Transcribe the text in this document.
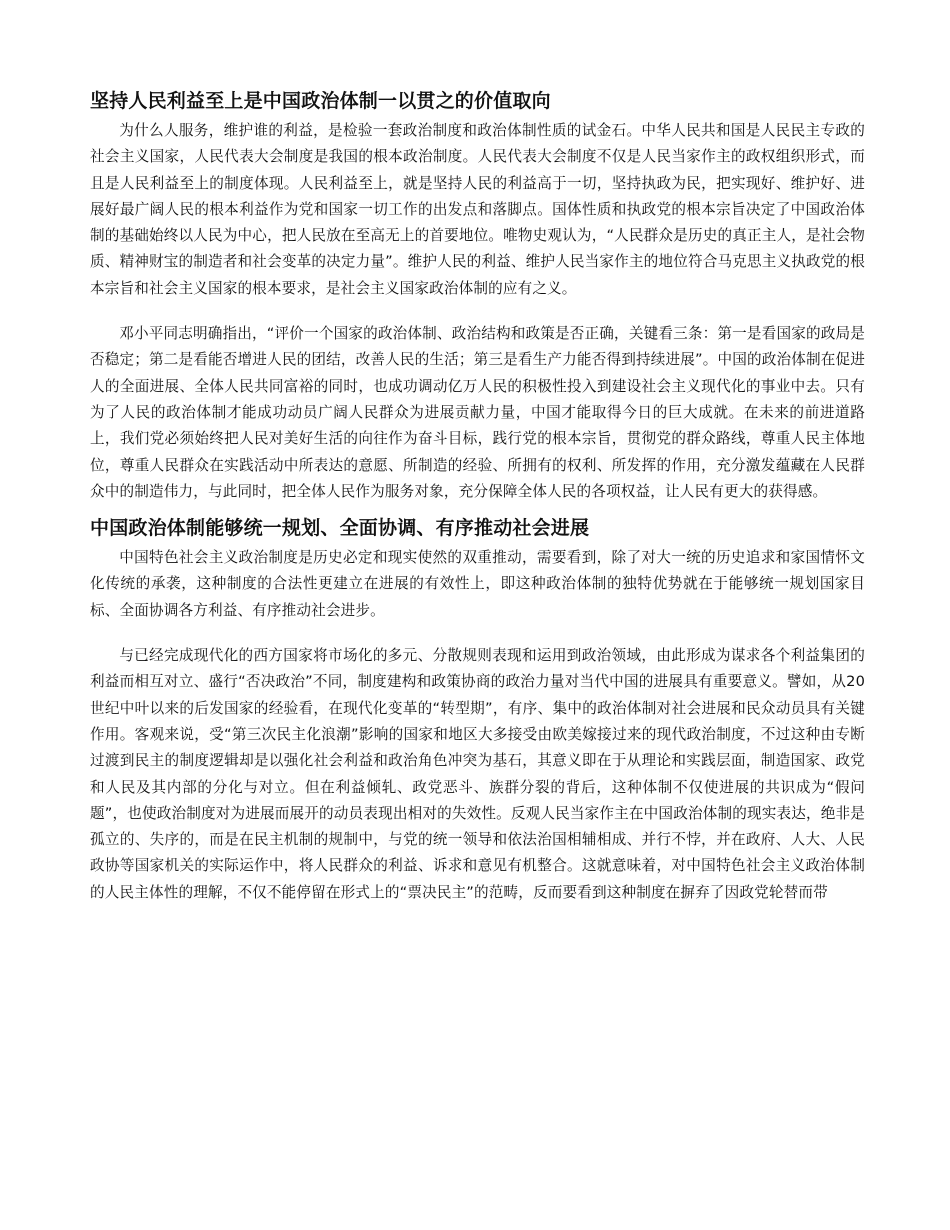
坚持人民利益至上是中国政治体制一以贯之的价值取向

为什么人服务，维护谁的利益，是检验一套政治制度和政治体制性质的试金石。中华人民共和国是人民民主专政的社会主义国家，人民代表大会制度是我国的根本政治制度。人民代表大会制度不仅是人民当家作主的政权组织形式，而且是人民利益至上的制度体现。人民利益至上，就是坚持人民的利益高于一切，坚持执政为民，把实现好、维护好、进展好最广阔人民的根本利益作为党和国家一切工作的出发点和落脚点。国体性质和执政党的根本宗旨决定了中国政治体制的基础始终以人民为中心，把人民放在至高无上的首要地位。唯物史观认为，“人民群众是历史的真正主人，是社会物质、精神财宝的制造者和社会变革的决定力量”。维护人民的利益、维护人民当家作主的地位符合马克思主义执政党的根本宗旨和社会主义国家的根本要求，是社会主义国家政治体制的应有之义。

邓小平同志明确指出，“评价一个国家的政治体制、政治结构和政策是否正确，关键看三条：第一是看国家的政局是否稳定；第二是看能否增进人民的团结，改善人民的生活；第三是看生产力能否得到持续进展”。中国的政治体制在促进人的全面进展、全体人民共同富裕的同时，也成功调动亿万人民的积极性投入到建设社会主义现代化的事业中去。只有为了人民的政治体制才能成功动员广阔人民群众为进展贡献力量，中国才能取得今日的巨大成就。在未来的前进道路上，我们党必须始终把人民对美好生活的向往作为奋斗目标，践行党的根本宗旨，贯彻党的群众路线，尊重人民主体地位，尊重人民群众在实践活动中所表达的意愿、所制造的经验、所拥有的权利、所发挥的作用，充分激发蕴藏在人民群众中的制造伟力，与此同时，把全体人民作为服务对象，充分保障全体人民的各项权益，让人民有更大的获得感。

中国政治体制能够统一规划、全面协调、有序推动社会进展

中国特色社会主义政治制度是历史必定和现实使然的双重推动，需要看到，除了对大一统的历史追求和家国情怀文化传统的承袭，这种制度的合法性更建立在进展的有效性上，即这种政治体制的独特优势就在于能够统一规划国家目标、全面协调各方利益、有序推动社会进步。

与已经完成现代化的西方国家将市场化的多元、分散规则表现和运用到政治领域，由此形成为谋求各个利益集团的利益而相互对立、盛行“否决政治”不同，制度建构和政策协商的政治力量对当代中国的进展具有重要意义。譬如，从20世纪中叶以来的后发国家的经验看，在现代化变革的“转型期”，有序、集中的政治体制对社会进展和民众动员具有关键作用。客观来说，受“第三次民主化浪潮”影响的国家和地区大多接受由欧美嫁接过来的现代政治制度，不过这种由专断过渡到民主的制度逻辑却是以强化社会利益和政治角色冲突为基石，其意义即在于从理论和实践层面，制造国家、政党和人民及其内部的分化与对立。但在利益倾轧、政党恶斗、族群分裂的背后，这种体制不仅使进展的共识成为“假问题”，也使政治制度对为进展而展开的动员表现出相对的失效性。反观人民当家作主在中国政治体制的现实表达，绝非是孤立的、失序的，而是在民主机制的规制中，与党的统一领导和依法治国相辅相成、并行不悖，并在政府、人大、人民政协等国家机关的实际运作中，将人民群众的利益、诉求和意见有机整合。这就意味着，对中国特色社会主义政治体制的人民主体性的理解，不仅不能停留在形式上的“票决民主”的范畴，反而要看到这种制度在摒弃了因政党轮替而带
